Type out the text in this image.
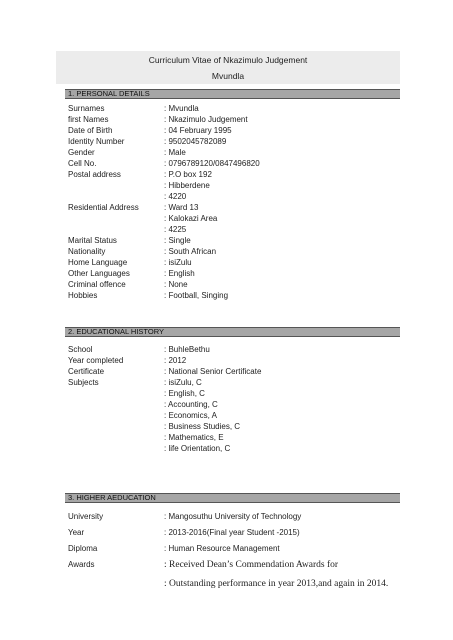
Curriculum Vitae of Nkazimulo Judgement
Mvundla
1. PERSONAL DETAILS
Surnames	: Mvundla
first Names	: Nkazimulo Judgement
Date of Birth	: 04 February 1995
Identity Number	: 9502045782089
Gender	: Male
Cell No.	: 0796789120/0847496820
Postal address	: P.O box 192
: Hibberdene
: 4220
Residential Address	: Ward 13
: Kalokazi Area
: 4225
Marital Status	: Single
Nationality	: South African
Home Language	: isiZulu
Other Languages	: English
Criminal offence	: None
Hobbies	: Football, Singing
2. EDUCATIONAL HISTORY
School	: BuhleBethu
Year completed	: 2012
Certificate	: National Senior Certificate
Subjects	: isiZulu, C
: English, C
: Accounting, C
: Economics, A
: Business Studies, C
: Mathematics, E
: life Orientation, C
3. HIGHER AEDUCATION
University	: Mangosuthu University of Technology
Year	: 2013-2016(Final year Student -2015)
Diploma	: Human Resource Management
Awards	: Received Dean’s Commendation Awards for
: Outstanding performance in year 2013,and again in 2014.
